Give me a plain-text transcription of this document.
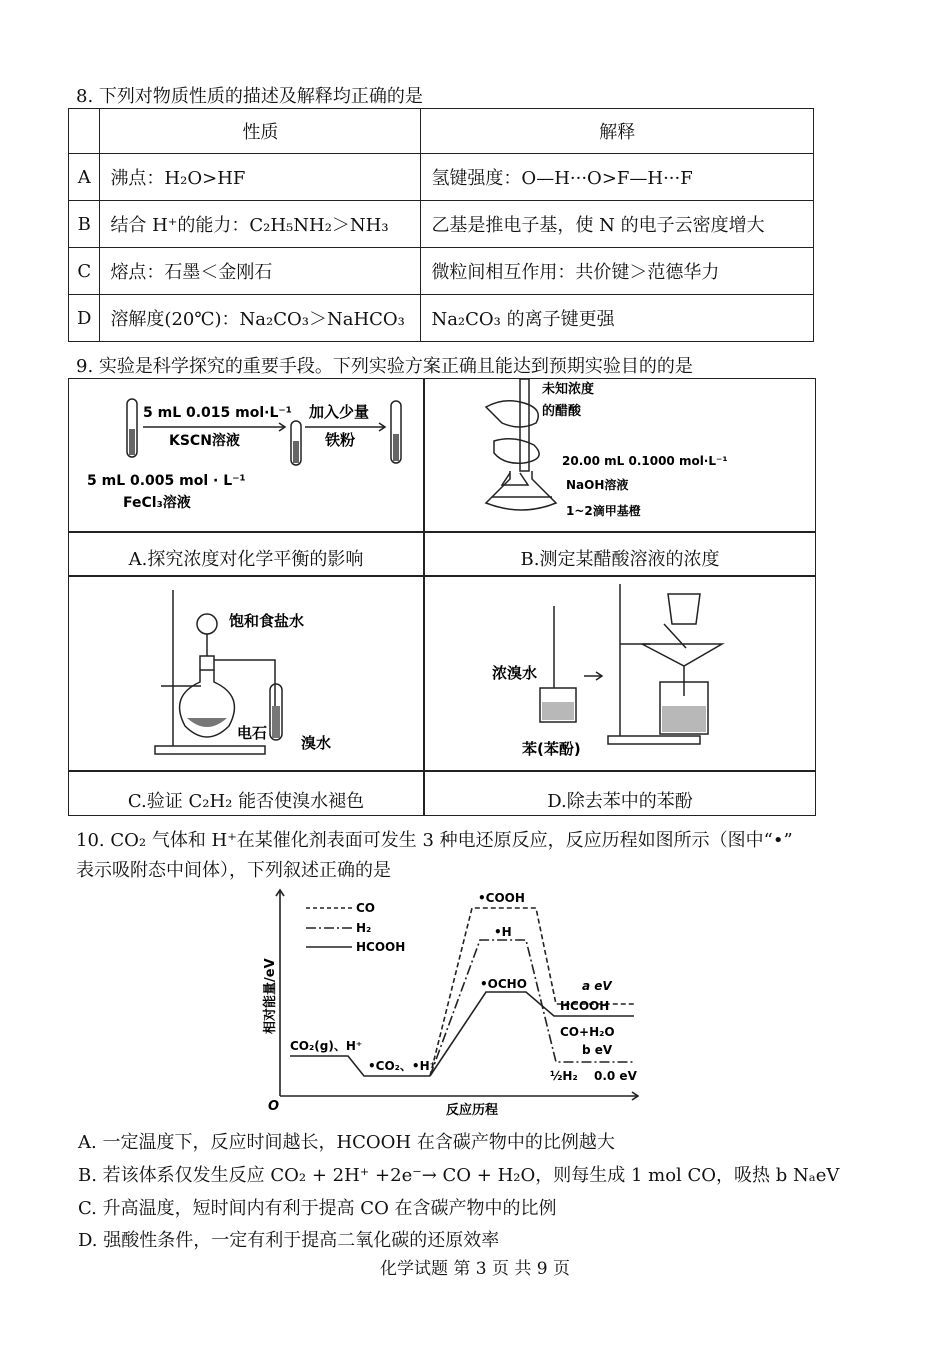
8. 下列对物质性质的描述及解释均正确的是
	性质	解释
A	沸点：H₂O>HF	氢键强度：O—H···O>F—H···F
B	结合 H⁺的能力：C₂H₅NH₂＞NH₃	乙基是推电子基，使 N 的电子云密度增大
C	熔点：石墨＜金刚石	微粒间相互作用：共价键＞范德华力
D	溶解度(20℃)：Na₂CO₃＞NaHCO₃	Na₂CO₃ 的离子键更强
9. 实验是科学探究的重要手段。下列实验方案正确且能达到预期实验目的的是
5 mL 0.015 mol·L⁻¹
KSCN溶液
加入少量
铁粉
5 mL 0.005 mol · L⁻¹
FeCl₃溶液
A.探究浓度对化学平衡的影响
未知浓度
的醋酸
20.00 mL 0.1000 mol·L⁻¹
NaOH溶液
1~2滴甲基橙
B.测定某醋酸溶液的浓度
饱和食盐水
电石
溴水
C.验证 C₂H₂ 能否使溴水褪色
浓溴水
苯(苯酚)
D.除去苯中的苯酚
10. CO₂ 气体和 H⁺在某催化剂表面可发生 3 种电还原反应，反应历程如图所示（图中“•”
表示吸附态中间体），下列叙述正确的是
CO
H₂
HCOOH
CO₂(g)、H⁺
•CO₂、•H⁺
•COOH
•H
•OCHO	a eV
HCOOH
CO+H₂O
b eV
½H₂ 0.0 eV
O	反应历程
相对能量/eV
A. 一定温度下，反应时间越长，HCOOH 在含碳产物中的比例越大
B. 若该体系仅发生反应 CO₂ + 2H⁺ +2e⁻→ CO + H₂O，则每生成 1 mol CO，吸热 b NₐeV
C. 升高温度，短时间内有利于提高 CO 在含碳产物中的比例
D. 强酸性条件，一定有利于提高二氧化碳的还原效率
化学试题 第 3 页 共 9 页
